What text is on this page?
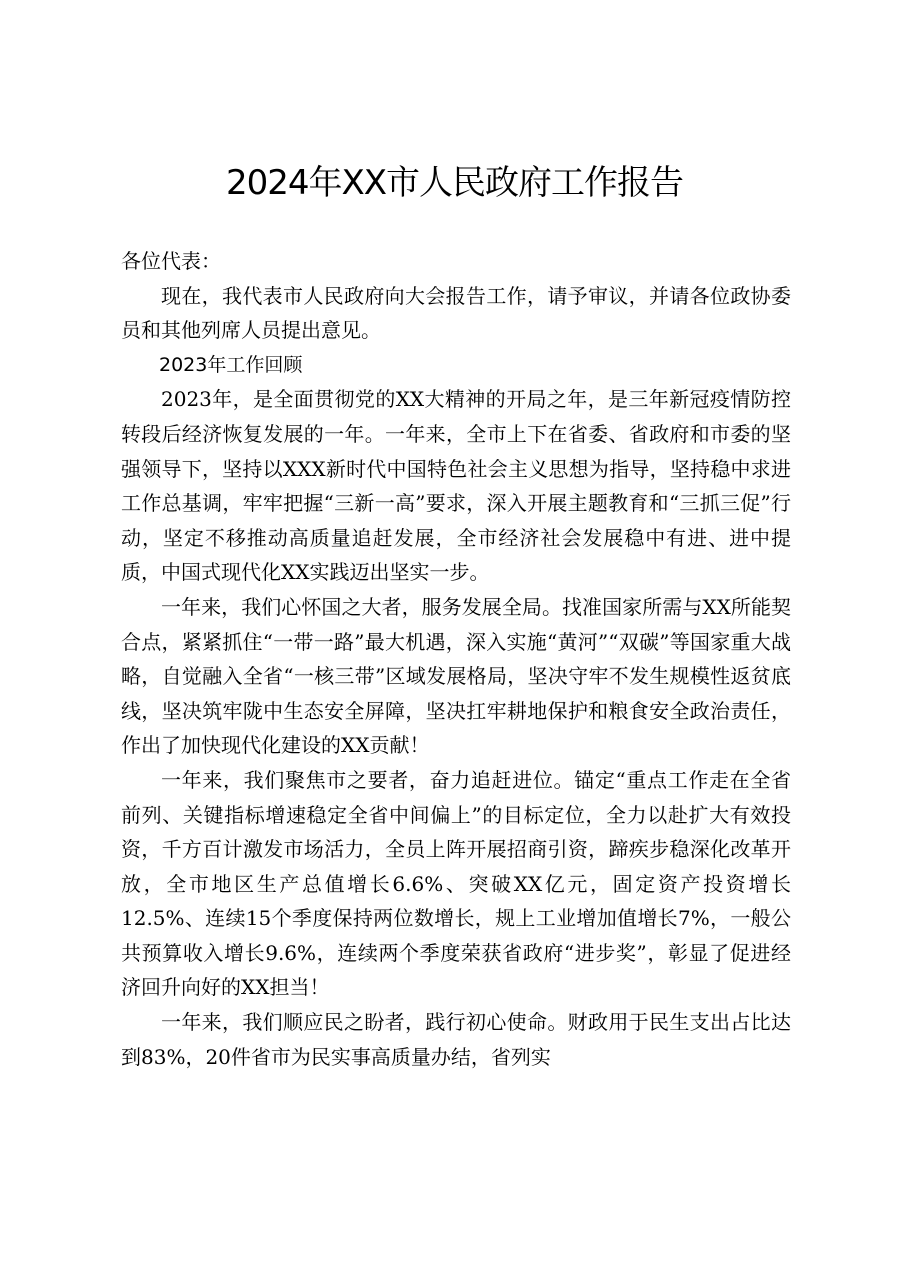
2024年XX市人民政府工作报告

各位代表：

现在，我代表市人民政府向大会报告工作，请予审议，并请各位政协委员和其他列席人员提出意见。

2023年工作回顾

2023年，是全面贯彻党的XX大精神的开局之年，是三年新冠疫情防控转段后经济恢复发展的一年。一年来，全市上下在省委、省政府和市委的坚强领导下，坚持以XXX新时代中国特色社会主义思想为指导，坚持稳中求进工作总基调，牢牢把握“三新一高”要求，深入开展主题教育和“三抓三促”行动，坚定不移推动高质量追赶发展，全市经济社会发展稳中有进、进中提质，中国式现代化XX实践迈出坚实一步。

一年来，我们心怀国之大者，服务发展全局。找准国家所需与XX所能契合点，紧紧抓住“一带一路”最大机遇，深入实施“黄河”“双碳”等国家重大战略，自觉融入全省“一核三带”区域发展格局，坚决守牢不发生规模性返贫底线，坚决筑牢陇中生态安全屏障，坚决扛牢耕地保护和粮食安全政治责任，作出了加快现代化建设的XX贡献！

一年来，我们聚焦市之要者，奋力追赶进位。锚定“重点工作走在全省前列、关键指标增速稳定全省中间偏上”的目标定位，全力以赴扩大有效投资，千方百计激发市场活力，全员上阵开展招商引资，蹄疾步稳深化改革开放，全市地区生产总值增长6.6%、突破XX亿元，固定资产投资增长12.5%、连续15个季度保持两位数增长，规上工业增加值增长7%，一般公共预算收入增长9.6%，连续两个季度荣获省政府“进步奖”，彰显了促进经济回升向好的XX担当！

一年来，我们顺应民之盼者，践行初心使命。财政用于民生支出占比达到83%，20件省市为民实事高质量办结，省列实
